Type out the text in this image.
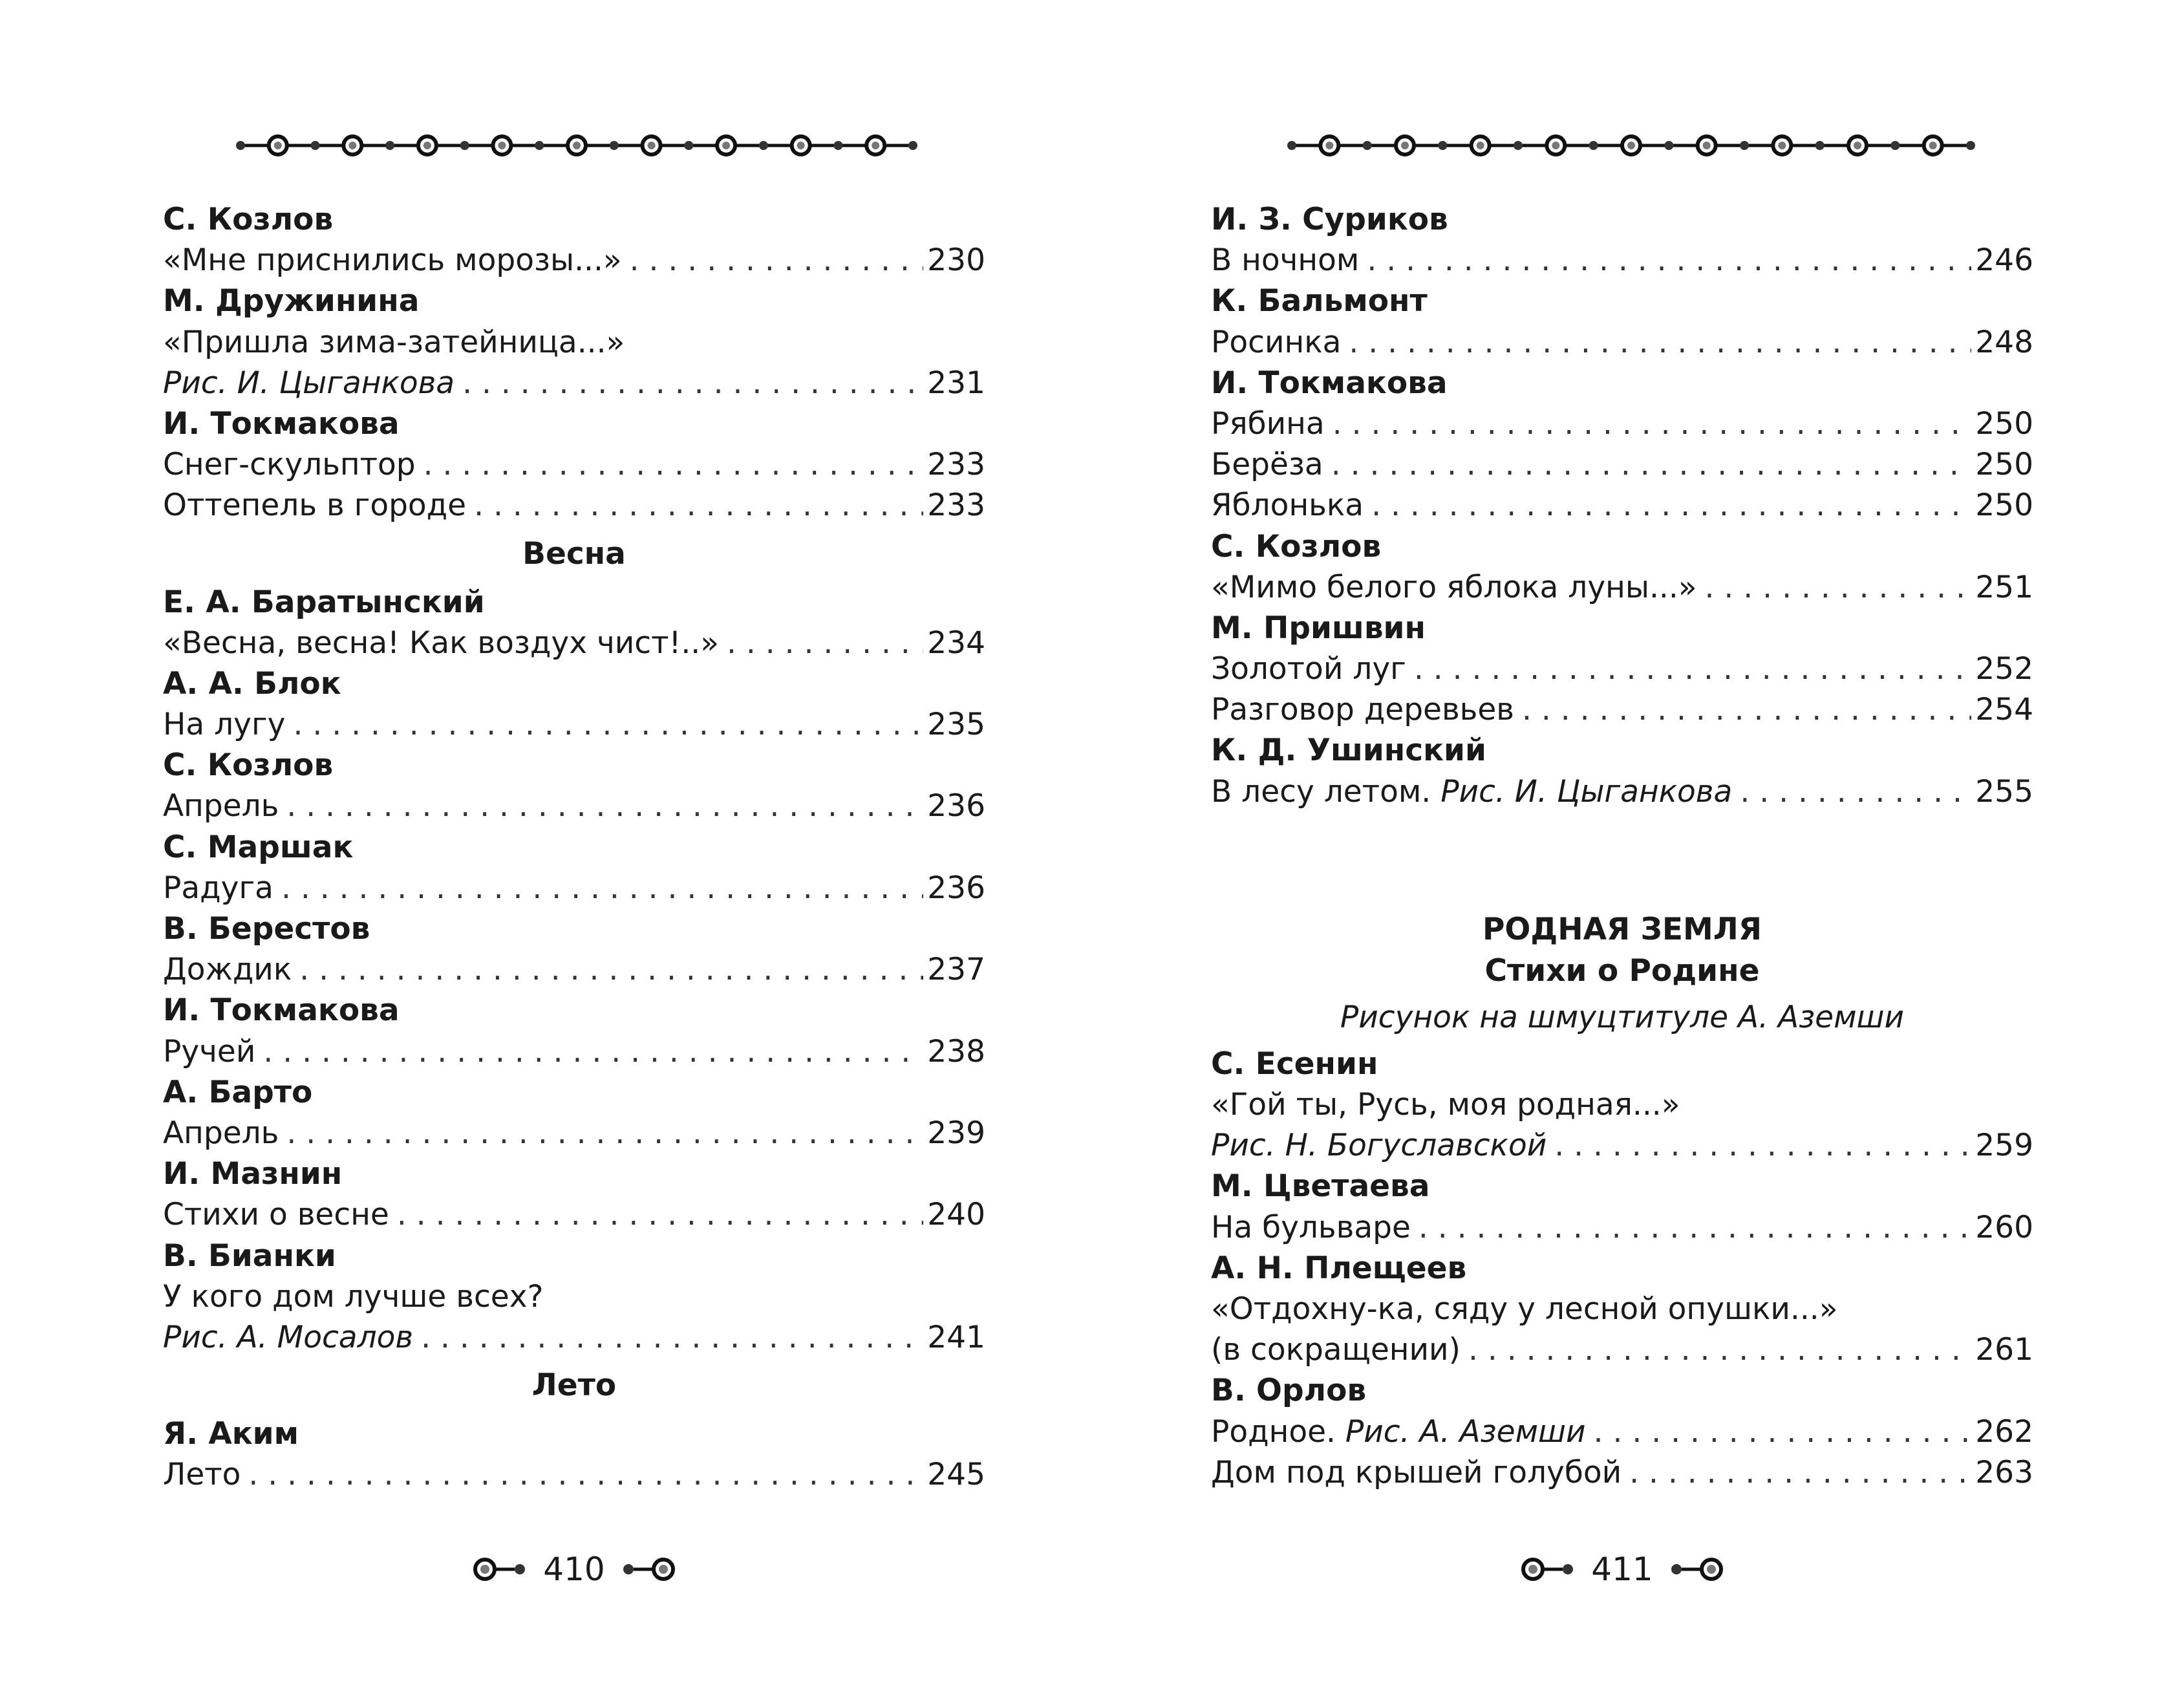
С. Козлов
«Мне приснились морозы...» . . .	230
М. Дружинина
«Пришла зима-затейница...»
Рис. И. Цыганкова . . .	231
И. Токмакова
Снег-скульптор . . .	233
Оттепель в городе . . .	233
Весна
Е. А. Баратынский
«Весна, весна! Как воздух чист!..» . . .	234
А. А. Блок
На лугу . . .	235
С. Козлов
Апрель . . .	236
С. Маршак
Радуга . . .	236
В. Берестов
Дождик . . .	237
И. Токмакова
Ручей . . .	238
А. Барто
Апрель . . .	239
И. Мазнин
Стихи о весне . . .	240
В. Бианки
У кого дом лучше всех?
Рис. А. Мосалов . . .	241
Лето
Я. Аким
Лето . . .	245
410
И. З. Суриков
В ночном . . .	246
К. Бальмонт
Росинка . . .	248
И. Токмакова
Рябина . . .	250
Берёза . . .	250
Яблонька . . .	250
С. Козлов
«Мимо белого яблока луны...» . . .	251
М. Пришвин
Золотой луг . . .	252
Разговор деревьев . . .	254
К. Д. Ушинский
В лесу летом. Рис. И. Цыганкова . . .	255
РОДНАЯ ЗЕМЛЯ
Стихи о Родине
Рисунок на шмуцтитуле А. Аземши
С. Есенин
«Гой ты, Русь, моя родная...»
Рис. Н. Богуславской . . .	259
М. Цветаева
На бульваре . . .	260
А. Н. Плещеев
«Отдохну-ка, сяду у лесной опушки...»
(в сокращении) . . .	261
В. Орлов
Родное. Рис. А. Аземши . . .	262
Дом под крышей голубой . . .	263
411
